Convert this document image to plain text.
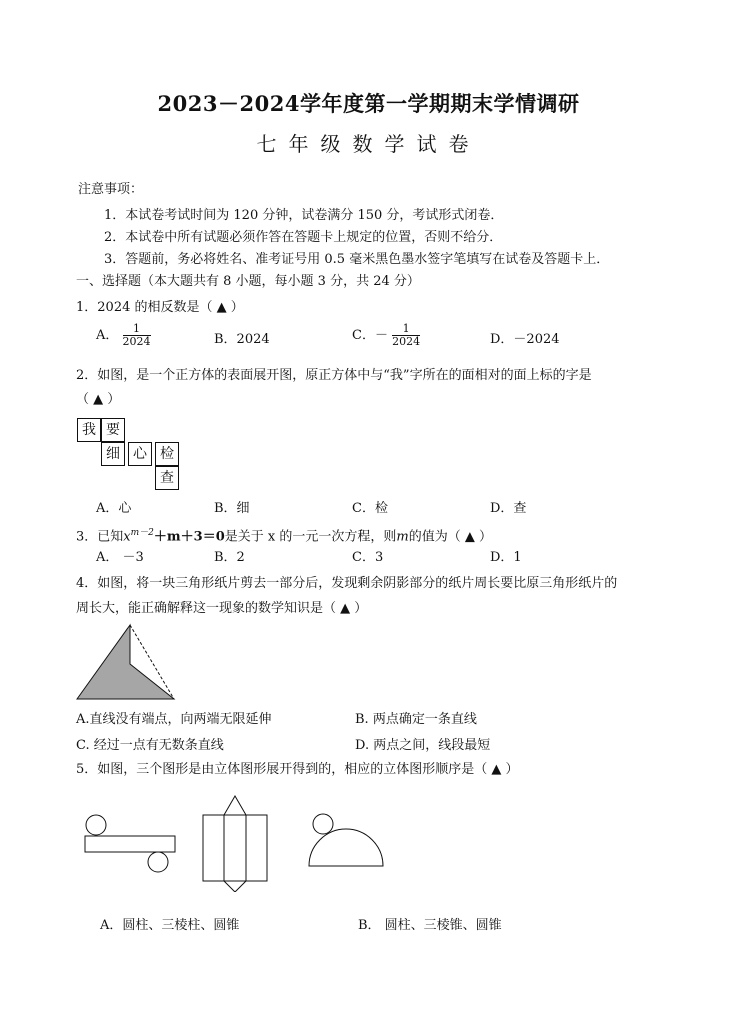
2023－2024学年度第一学期期末学情调研
七年级数学试卷
注意事项：
1．本试卷考试时间为 120 分钟，试卷满分 150 分，考试形式闭卷．
2．本试卷中所有试题必须作答在答题卡上规定的位置，否则不给分．
3．答题前，务必将姓名、准考证号用 0.5 毫米黑色墨水签字笔填写在试卷及答题卡上．
一、选择题（本大题共有 8 小题，每小题 3 分，共 24 分）
1．2024 的相反数是（ ▲ ）
A． $\frac{1}{2024}$	B．2024	C．－ $\frac{1}{2024}$	D．－2024
2．如图，是一个正方体的表面展开图，原正方体中与“我”字所在的面相对的面上标的字是
（ ▲ ）
我 要
细 心 检
查
A．心	B．细	C．检	D．查
3．已知$x^{m-2}+m+3=0$是关于 x 的一元一次方程，则m的值为（ ▲ ）
A． －3	B．2	C．3	D．1
4．如图，将一块三角形纸片剪去一部分后，发现剩余阴影部分的纸片周长要比原三角形纸片的
周长大，能正确解释这一现象的数学知识是（ ▲ ）
A.直线没有端点，向两端无限延伸	B. 两点确定一条直线
C. 经过一点有无数条直线	D. 两点之间，线段最短
5．如图，三个图形是由立体图形展开得到的，相应的立体图形顺序是（ ▲ ）
A．圆柱、三棱柱、圆锥	B． 圆柱、三棱锥、圆锥
